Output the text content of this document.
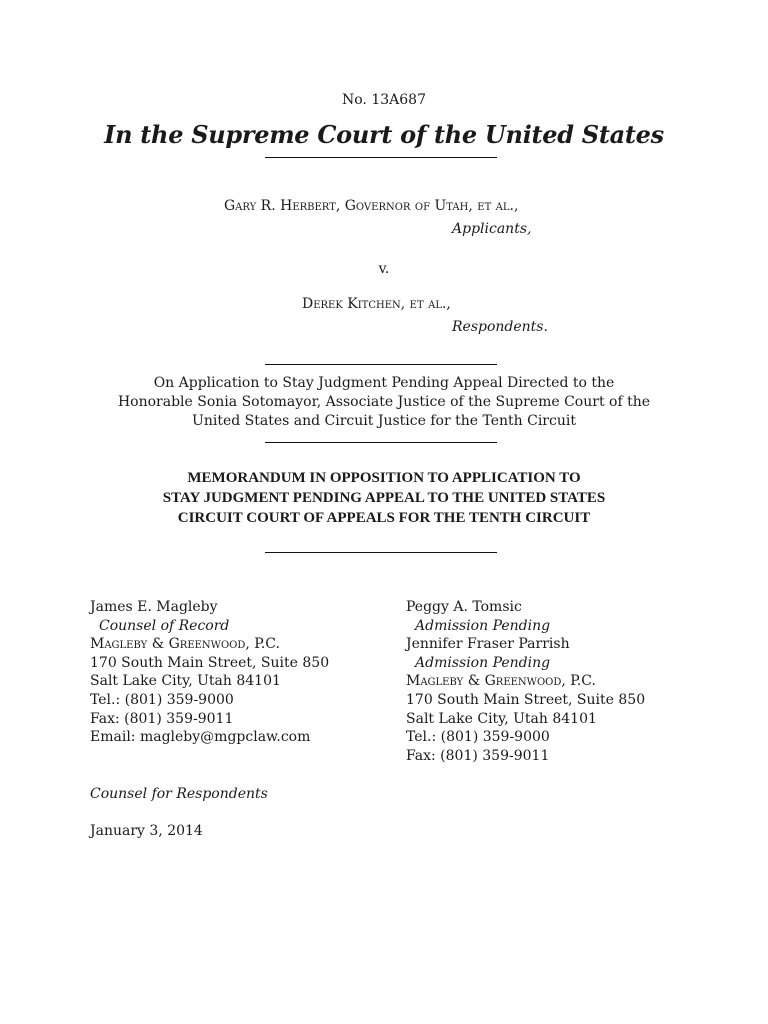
No. 13A687
In the Supreme Court of the United States
Gary R. Herbert, Governor of Utah, et al.,
Applicants,
v.
Derek Kitchen, et al.,
Respondents.
On Application to Stay Judgment Pending Appeal Directed to the
Honorable Sonia Sotomayor, Associate Justice of the Supreme Court of the
United States and Circuit Justice for the Tenth Circuit
MEMORANDUM IN OPPOSITION TO APPLICATION TO
STAY JUDGMENT PENDING APPEAL TO THE UNITED STATES
CIRCUIT COURT OF APPEALS FOR THE TENTH CIRCUIT
James E. Magleby
Counsel of Record
Magleby & Greenwood, P.C.
170 South Main Street, Suite 850
Salt Lake City, Utah 84101
Tel.: (801) 359-9000
Fax: (801) 359-9011
Email: magleby@mgpclaw.com
Peggy A. Tomsic
Admission Pending
Jennifer Fraser Parrish
Admission Pending
Magleby & Greenwood, P.C.
170 South Main Street, Suite 850
Salt Lake City, Utah 84101
Tel.: (801) 359-9000
Fax: (801) 359-9011
Counsel for Respondents
January 3, 2014
